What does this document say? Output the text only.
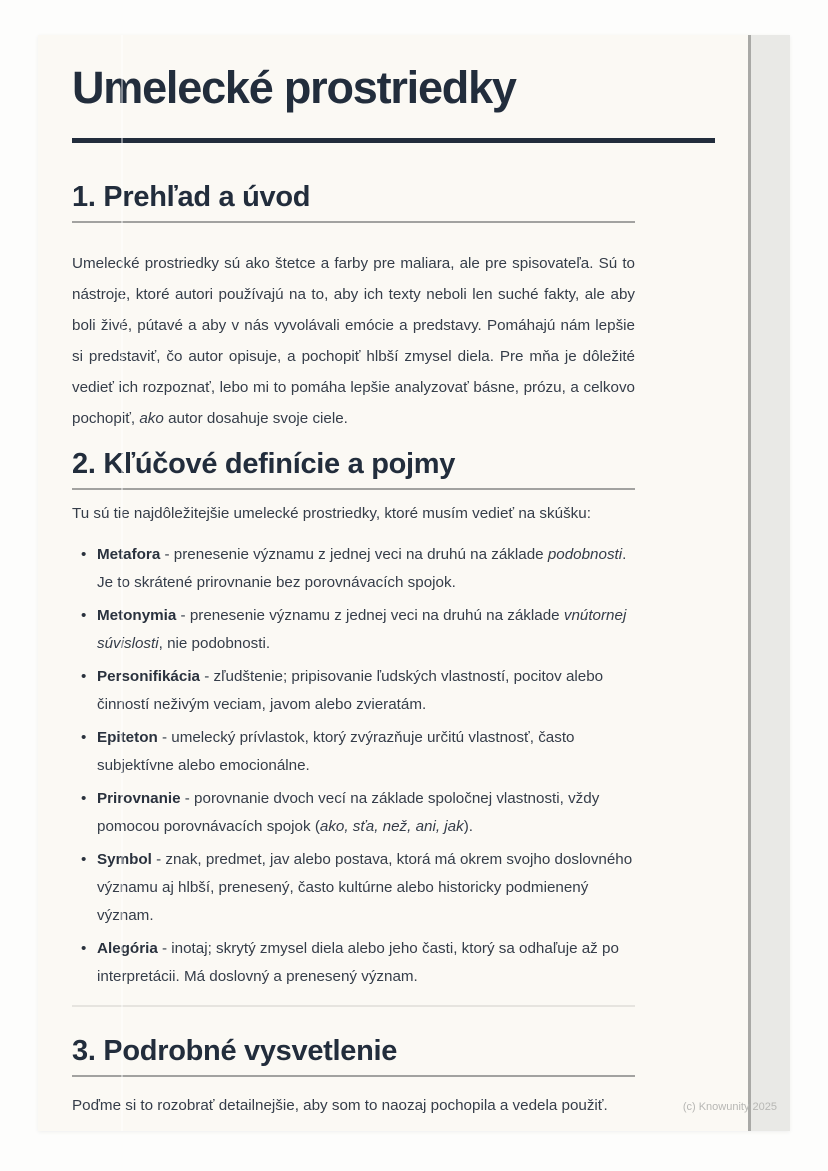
Umelecké prostriedky
1. Prehľad a úvod

Umelecké prostriedky sú ako štetce a farby pre maliara, ale pre spisovateľa. Sú to nástroje, ktoré autori používajú na to, aby ich texty neboli len suché fakty, ale aby boli živé, pútavé a aby v nás vyvolávali emócie a predstavy. Pomáhajú nám lepšie si predstaviť, čo autor opisuje, a pochopiť hlbší zmysel diela. Pre mňa je dôležité vedieť ich rozpoznať, lebo mi to pomáha lepšie analyzovať básne, prózu, a celkovo pochopiť, ako autor dosahuje svoje ciele.

2. Kľúčové definície a pojmy

Tu sú tie najdôležitejšie umelecké prostriedky, ktoré musím vedieť na skúšku:

• Metafora - prenesenie významu z jednej veci na druhú na základe podobnosti. Je to skrátené prirovnanie bez porovnávacích spojok.
• Metonymia - prenesenie významu z jednej veci na druhú na základe vnútornej súvislosti, nie podobnosti.
• Personifikácia - zľudštenie; pripisovanie ľudských vlastností, pocitov alebo činností neživým veciam, javom alebo zvieratám.
• Epiteton - umelecký prívlastok, ktorý zvýrazňuje určitú vlastnosť, často subjektívne alebo emocionálne.
• Prirovnanie - porovnanie dvoch vecí na základe spoločnej vlastnosti, vždy pomocou porovnávacích spojok (ako, sťa, než, ani, jak).
• Symbol - znak, predmet, jav alebo postava, ktorá má okrem svojho doslovného významu aj hlbší, prenesený, často kultúrne alebo historicky podmienený význam.
• Alegória - inotaj; skrytý zmysel diela alebo jeho časti, ktorý sa odhaľuje až po interpretácii. Má doslovný a prenesený význam.
3. Podrobné vysvetlenie

Poďme si to rozobrať detailnejšie, aby som to naozaj pochopila a vedela použiť.	(c) Knowunity 2025
